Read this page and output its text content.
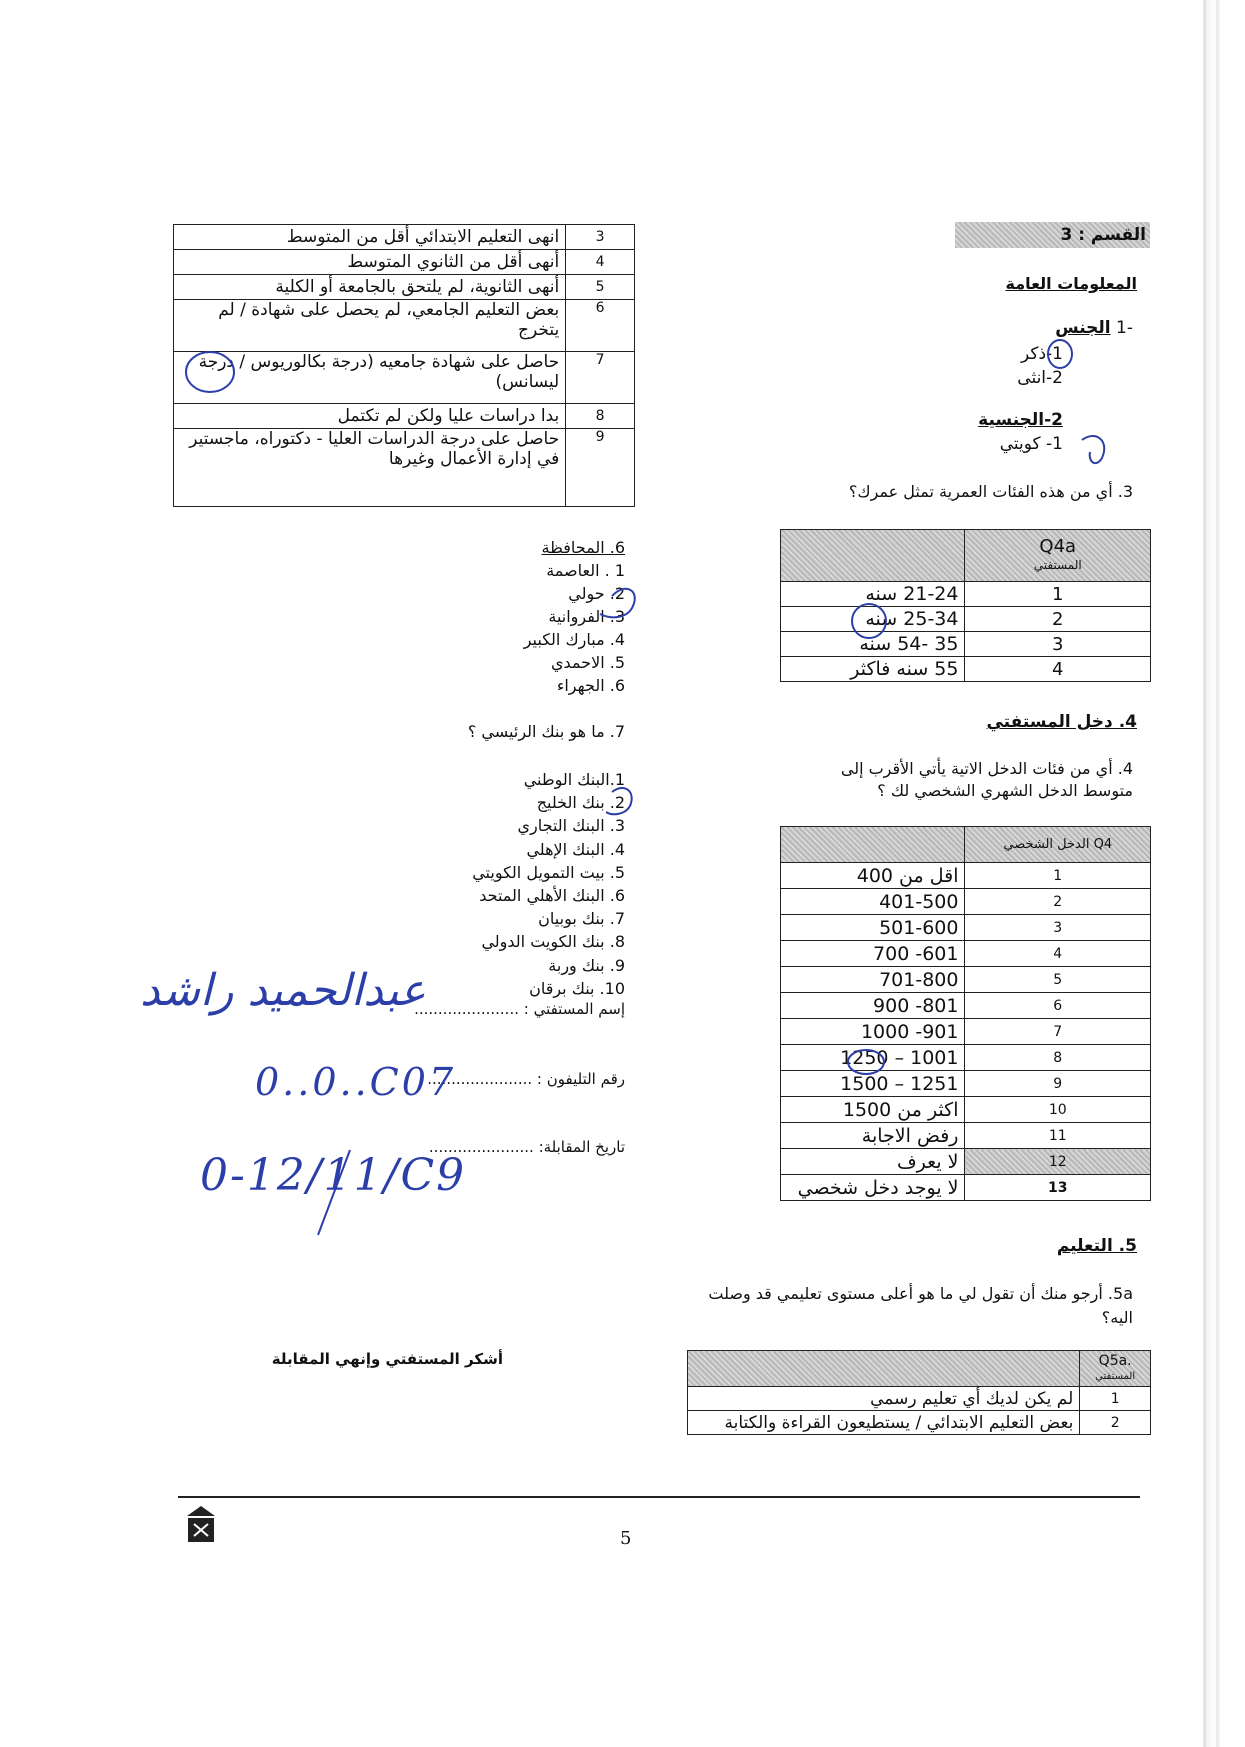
القسم : 3
المعلومات العامة
-1 الجنس
1-ذكر
2-انثى
2-الجنسية
1- كويتي
3. أي من هذه الفئات العمرية تمثل عمرك؟

	Q4a
المستفتي

21-24 سنه	1
25-34 سنه	2
35 -54 سنه	3
55 سنه فاكثر	4
4. دخل المستفتي
4. أي من فئات الدخل الاتية يأتي الأقرب إلى متوسط الدخل الشهري الشخصي لك ؟
	Q4 الدخل الشخصي
اقل من 400	1
401-500	2
501-600	3
601- 700	4
701-800	5
801- 900	6
901- 1000	7
1001 – 1250	8
1251 – 1500	9
اكثر من 1500	10
رفض الاجابة	11
لا يعرف	12
لا يوجد دخل شخصي	13
5. التعليم
5a. أرجو منك أن تقول لي ما هو أعلى مستوى تعليمي قد وصلت اليه؟

	Q5a.
المستفتي

لم يكن لديك أي تعليم رسمي	1
بعض التعليم الابتدائي / يستطيعون القراءة والكتابة	2
انهى التعليم الابتدائي أقل من المتوسط	3
أنهى أقل من الثانوي المتوسط	4
أنهى الثانوية، لم يلتحق بالجامعة أو الكلية	5
بعض التعليم الجامعي، لم يحصل على شهادة / لم يتخرج	6
حاصل على شهادة جامعيه (درجة بكالوريوس / درجة ليسانس)	7
بدا دراسات عليا ولكن لم تكتمل	8
حاصل على درجة الدراسات العليا - دكتوراه، ماجستير في إدارة الأعمال وغيرها	9
6. المحافظة
1 . العاصمة
2. حولي
3. الفروانية
4. مبارك الكبير
5. الاحمدي
6. الجهراء
7. ما هو بنك الرئيسي ؟
1.البنك الوطني
2. بنك الخليج
3. البنك التجاري
4. البنك الإهلي
5. بيت التمويل الكويتي
6. البنك الأهلي المتحد
7. بنك بوبيان
8. بنك الكويت الدولي
9. بنك وربة
10. بنك برقان
إسم المستفتي : ......................
رقم التليفون : ......................
تاريخ المقابلة: ......................
عبدالحميد راشد
0..0..C07
0-12/11/C9
أشكر المستفتي وإنهي المقابلة
5
